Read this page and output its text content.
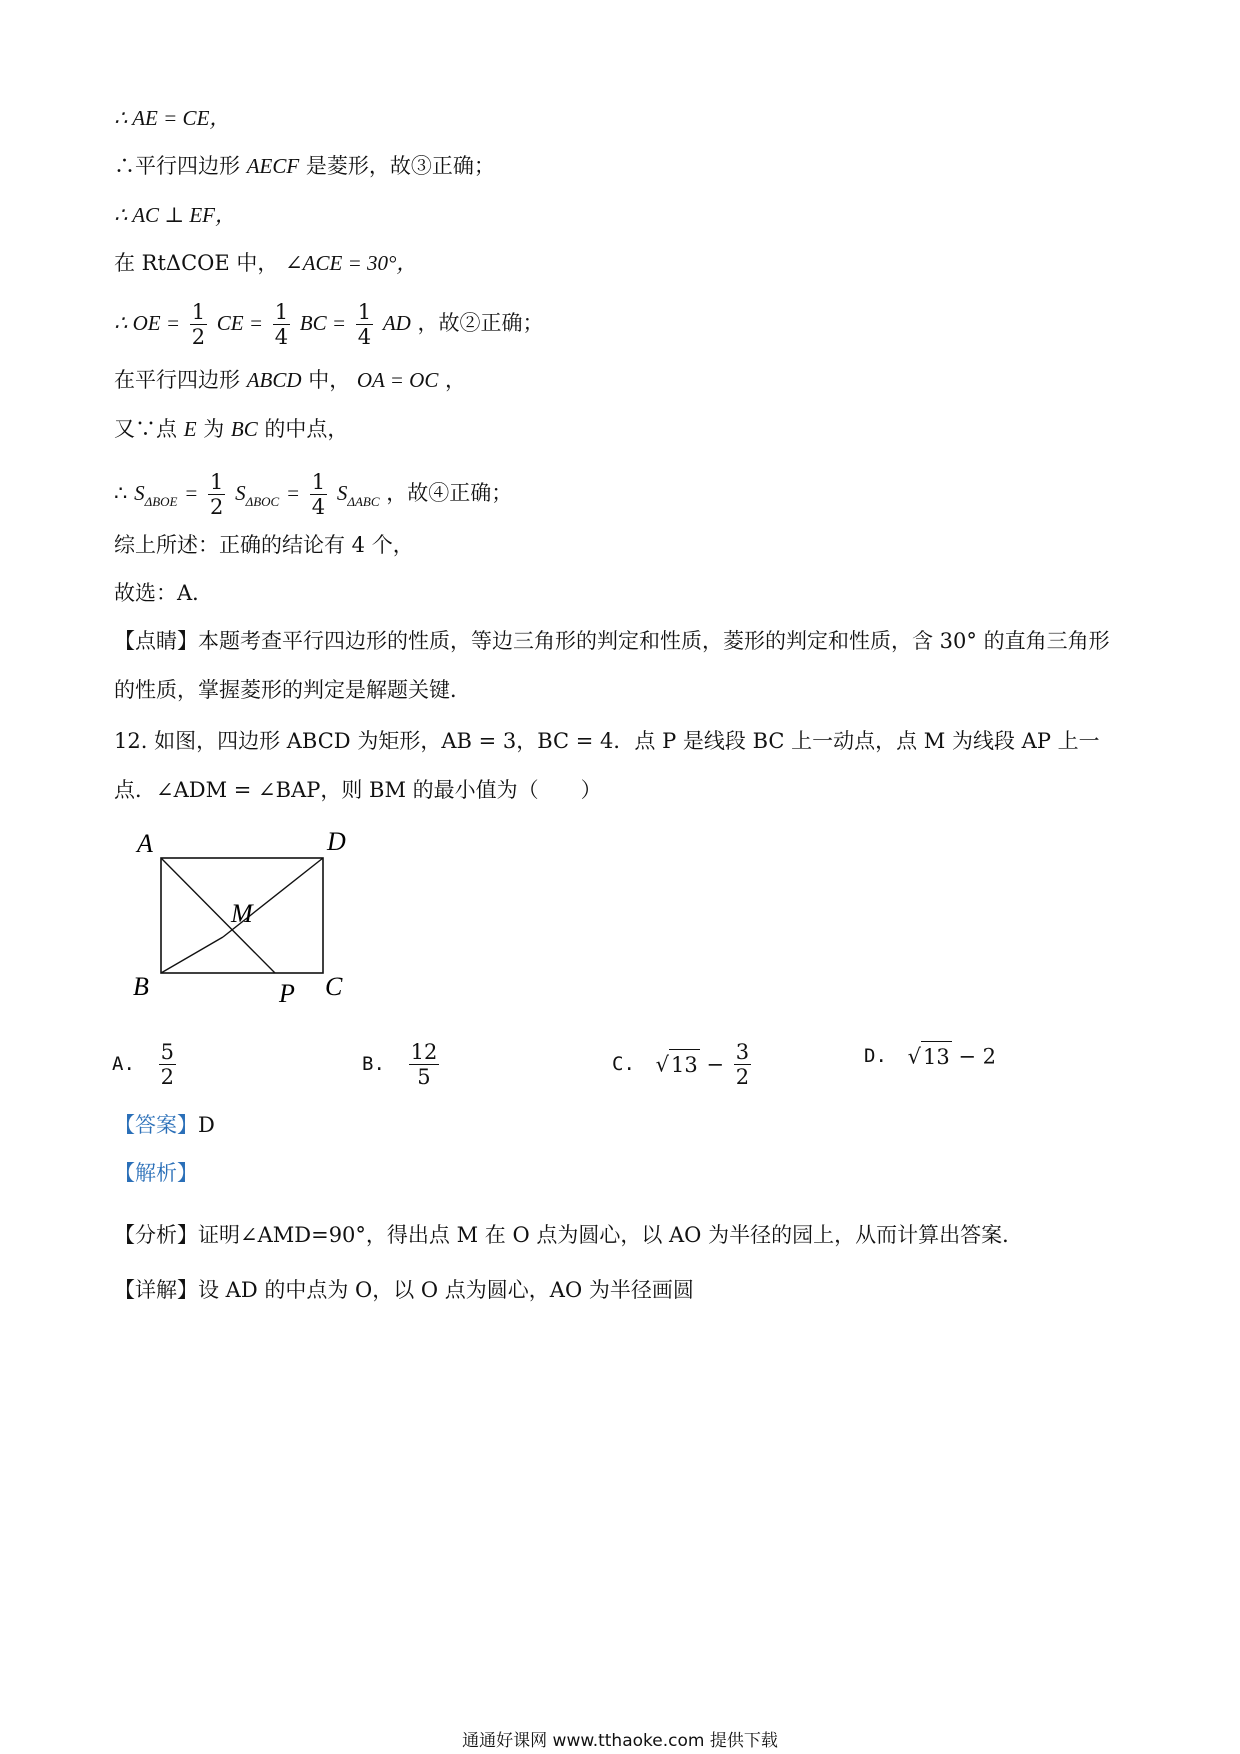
∴ AE = CE，
∴平行四边形 AECF 是菱形，故③正确；
∴ AC ⊥ EF，
在 RtΔCOE 中， ∠ACE = 30°，
∴ OE = $\frac{1}{2}$ CE = $\frac{1}{4}$ BC = $\frac{1}{4}$ AD ，故②正确；
在平行四边形 ABCD 中， OA = OC ，
又∵点 E 为 BC 的中点，
∴ $S_{\Delta BOE} = \frac{1}{2} S_{\Delta BOC} = \frac{1}{4} S_{\Delta ABC}$ ，故④正确；
综上所述：正确的结论有 4 个，
故选：A．
【点睛】本题考查平行四边形的性质，等边三角形的判定和性质，菱形的判定和性质，含 30° 的直角三角形
的性质，掌握菱形的判定是解题关键．
12. 如图，四边形 ABCD 为矩形，AB = 3，BC = 4．点 P 是线段 BC 上一动点，点 M 为线段 AP 上一
点．∠ADM = ∠BAP，则 BM 的最小值为（　　）
A	D
M
B	P C
A. $\frac{5}{2}$	B. $\frac{12}{5}$	C. $√13 - \frac{3}{2}$	D. √13 − 2
【答案】D
【解析】
【分析】证明∠AMD=90°，得出点 M 在 O 点为圆心，以 AO 为半径的园上，从而计算出答案．
【详解】设 AD 的中点为 O，以 O 点为圆心，AO 为半径画圆
通通好课网 www.tthaoke.com 提供下载
